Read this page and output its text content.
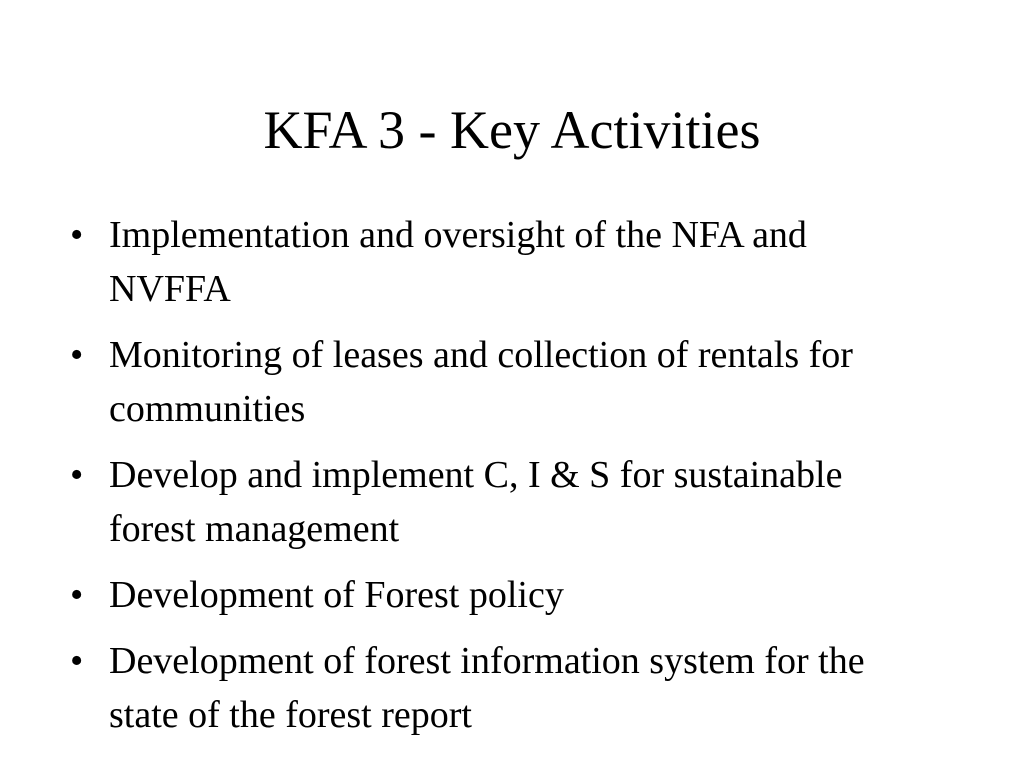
KFA 3 - Key Activities
• Implementation and oversight of the NFA and NVFFA
• Monitoring of leases and collection of rentals for communities
• Develop and implement C, I & S for sustainable forest management
• Development of Forest policy
• Development of forest information system for the state of the forest report
